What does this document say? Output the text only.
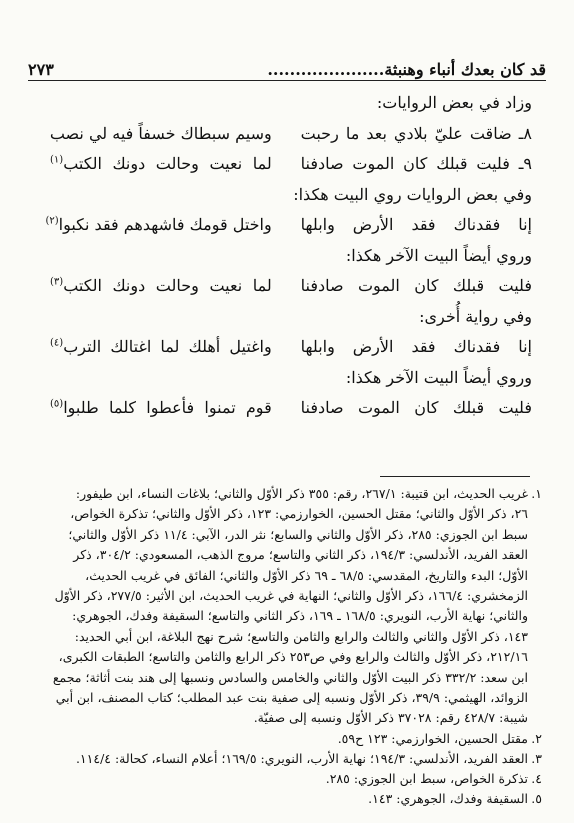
قد كان بعدك أنباء وهنبثة.....................
٢٧٣
وزاد في بعض الروايات:
٨ـ ضاقت عليّ بلادي بعد ما رحبت
وسيم سبطاك خسفاً فيه لي نصب
٩ـ فليت قبلك كان الموت صادفنا
لما نعيت وحالت دونك الكتب$^{(١)}$
وفي بعض الروايات روي البيت هكذا:
إنا فقدناك فقد الأرض وابلها
واختل قومك فاشهدهم فقد نكبوا$^{(٢)}$
وروي أيضاً البيت الآخر هكذا:
فليت قبلك كان الموت صادفنا
لما نعيت وحالت دونك الكتب$^{(٣)}$
وفي رواية أُخرى:
إنا فقدناك فقد الأرض وابلها
واغتيل أهلك لما اغتالك الترب$^{(٤)}$
وروي أيضاً البيت الآخر هكذا:
فليت قبلك كان الموت صادفنا
قوم تمنوا فأعطوا كلما طلبوا$^{(٥)}$
١.
غريب الحديث، ابن قتيبة: ٢٦٧/١، رقم: ٣٥٥ ذكر الأوّل والثاني؛ بلاغات النساء، ابن طيفور:
٢٦، ذكر الأوّل والثاني؛ مقتل الحسين، الخوارزمي: ١٢٣، ذكر الأوّل والثاني؛ تذكرة الخواص،
سبط ابن الجوزي: ٢٨٥، ذكر الأوّل والثاني والسابع؛ نثر الدر، الآبي: ١١/٤ ذكر الأوّل والثاني؛
العقد الفريد، الأندلسي: ١٩٤/٣، ذكر الثاني والتاسع؛ مروج الذهب، المسعودي: ٣٠٤/٢، ذكر
الأوّل؛ البدء والتاريخ، المقدسي: ٦٨/٥ ـ ٦٩ ذكر الأوّل والثاني؛ الفائق في غريب الحديث،
الزمخشري: ١٦٦/٤، ذكر الأوّل والثاني؛ النهاية في غريب الحديث، ابن الأثير: ٢٧٧/٥، ذكر الأوّل
والثاني؛ نهاية الأرب، النويري: ١٦٨/٥ ـ ١٦٩، ذكر الثاني والتاسع؛ السقيفة وفدك، الجوهري:
١٤٣، ذكر الأوّل والثاني والثالث والرابع والثامن والتاسع؛ شرح نهج البلاغة، ابن أبي الحديد:
٢١٢/١٦، ذكر الأوّل والثالث والرابع وفي ص٢٥٣ ذكر الرابع والثامن والتاسع؛ الطبقات الكبرى،
ابن سعد: ٣٣٢/٢ ذكر البيت الأوّل والثاني والخامس والسادس ونسبها إلى هند بنت أثاثة؛ مجمع
الزوائد، الهيثمي: ٣٩/٩، ذكر الأوّل ونسبه إلى صفية بنت عبد المطلب؛ كتاب المصنف، ابن أبي
شيبة: ٤٢٨/٧ رقم: ٣٧٠٢٨ ذكر الأوّل ونسبه إلى صفيّة.
٢.
مقتل الحسين، الخوارزمي: ١٢٣ ح٥٩.
٣.
العقد الفريد، الأندلسي: ١٩٤/٣؛ نهاية الأرب، النويري: ١٦٩/٥؛ أعلام النساء، كحالة: ١١٤/٤.
٤.
تذكرة الخواص، سبط ابن الجوزي: ٢٨٥.
٥.
السقيفة وفدك، الجوهري: ١٤٣.
